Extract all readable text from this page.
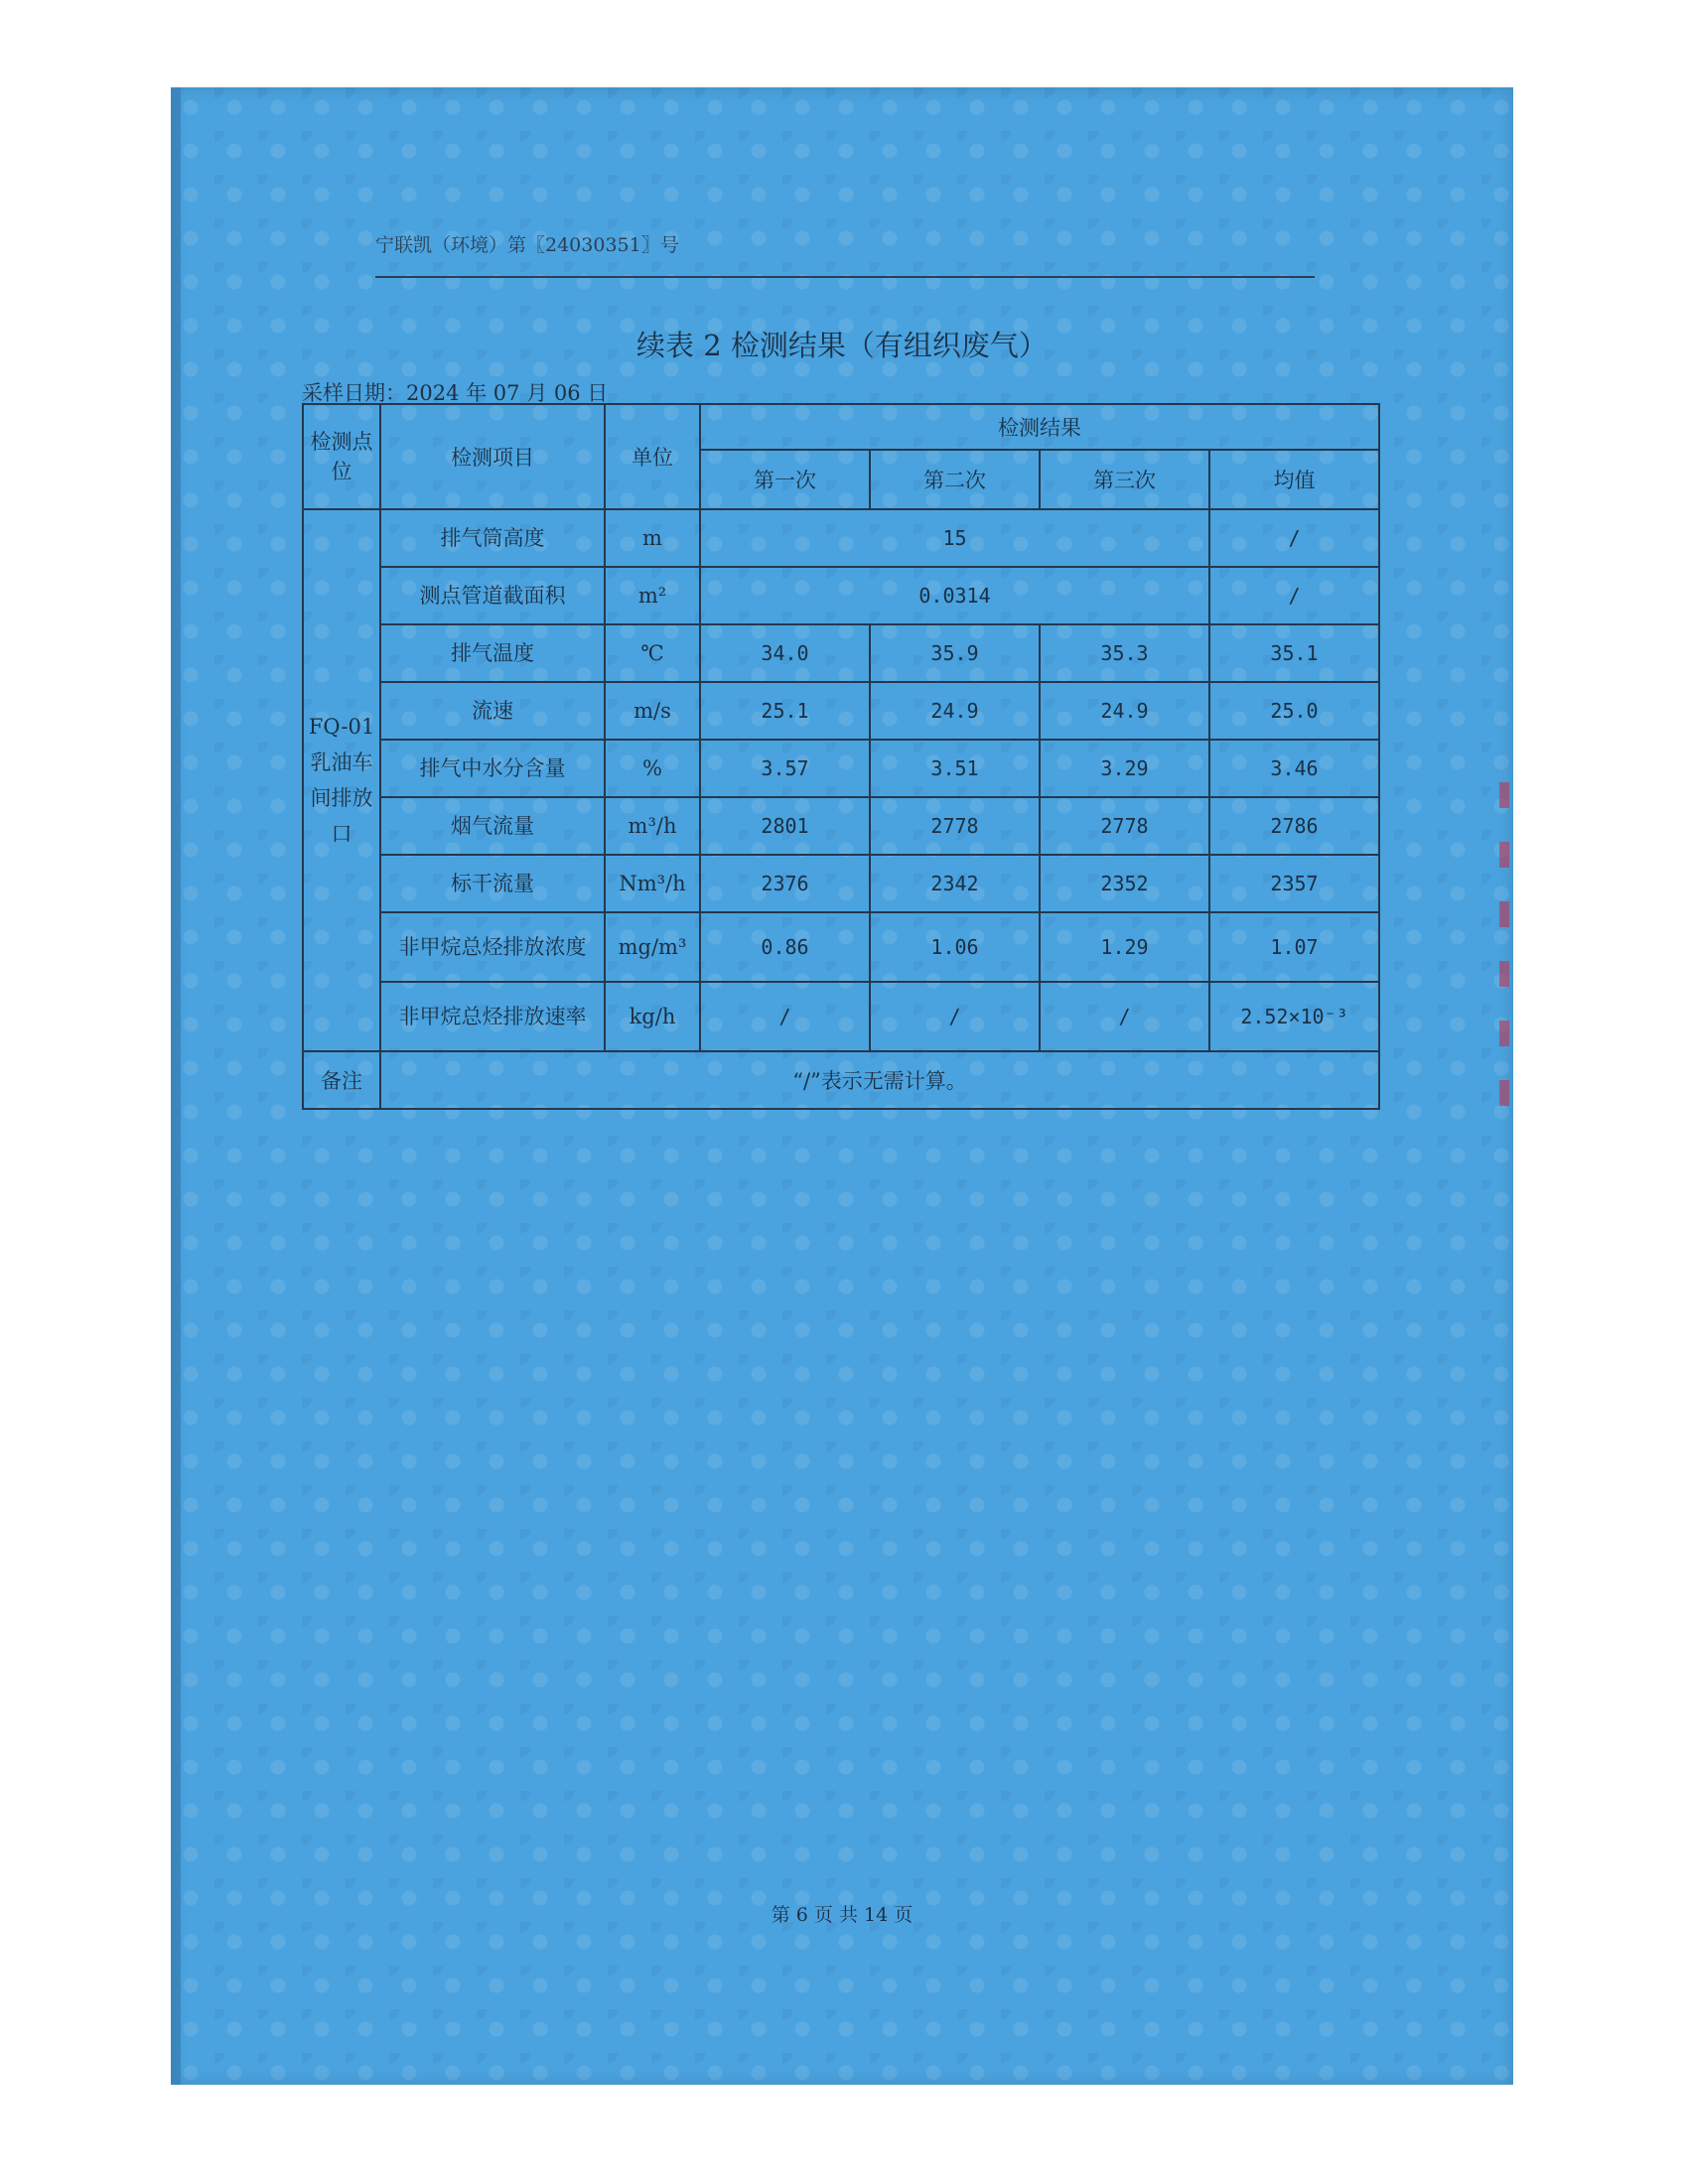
宁联凯（环境）第〖24030351〗号
续表 2 检测结果（有组织废气）
采样日期：2024 年 07 月 06 日
检测点位	检测项目	单位	检测结果			
			第一次	第二次	第三次	均值
FQ-01乳油车间排放口	排气筒高度	m	15			/
	测点管道截面积	m²	0.0314			/
	排气温度	℃	34.0	35.9	35.3	35.1
	流速	m/s	25.1	24.9	24.9	25.0
	排气中水分含量	%	3.57	3.51	3.29	3.46
	烟气流量	m³/h	2801	2778	2778	2786
	标干流量	Nm³/h	2376	2342	2352	2357
	非甲烷总烃排放浓度	mg/m³	0.86	1.06	1.29	1.07
	非甲烷总烃排放速率	kg/h	/	/	/	2.52×10⁻³
备注	“/”表示无需计算。					
第 6 页 共 14 页
